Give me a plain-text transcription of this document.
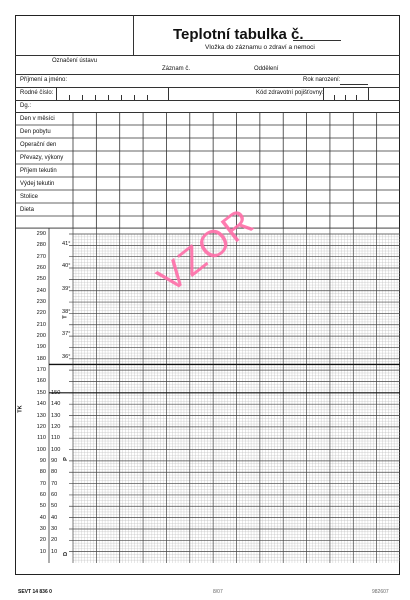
Teplotní tabulka č.
Vložka do záznamu o zdraví a nemoci
Označení ústavu
Záznam č.	Oddělení
Příjmení a jméno:	Rok narození:
Rodné číslo:	Kód zdravotní pojišťovny:
Dg.:
Den v měsíci
Den pobytu
Operační den
Převazy, výkony
Příjem tekutin
Výdej tekutin
Stolice
Dieta
290
280
270
260
250
240
230
220
210
200
190
180
170
160
150
140
130
120
110
100
90
80
70
60
50
40
30
20
10
150
140
130
120
110
100
90
80
70
60
50
40
30
20
10
41°
40°
39°
38°
37°
36°
TK
T
P
D
VZOR
SEVT 14 836 0	8/07	982607
